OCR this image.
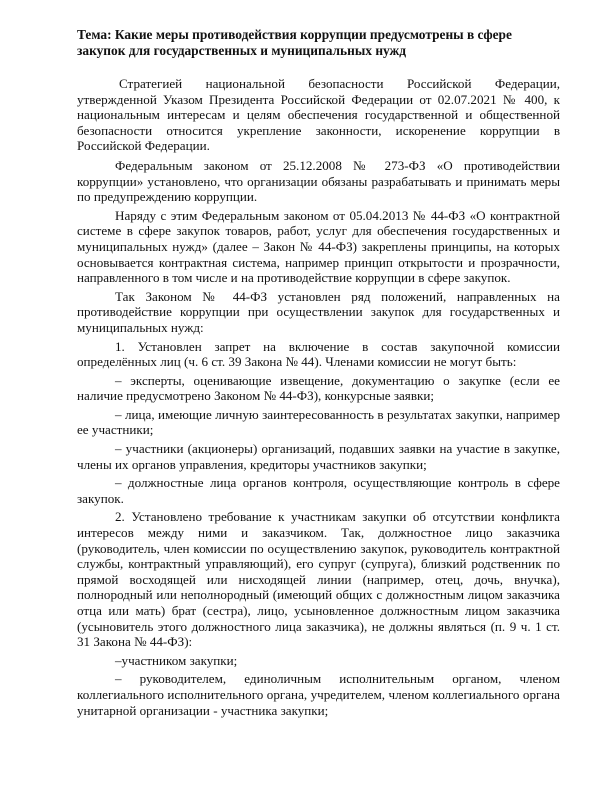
Тема: Какие меры противодействия коррупции предусмотрены в сфере закупок для государственных и муниципальных нужд

Стратегией национальной безопасности Российской Федерации, утвержденной Указом Президента Российской Федерации от 02.07.2021 № 400, к национальным интересам и целям обеспечения государственной и общественной безопасности относится укрепление законности, искоренение коррупции в Российской Федерации.

Федеральным законом от 25.12.2008 № 273-ФЗ «О противодействии коррупции» установлено, что организации обязаны разрабатывать и принимать меры по предупреждению коррупции.

Наряду с этим Федеральным законом от 05.04.2013 № 44-ФЗ «О контрактной системе в сфере закупок товаров, работ, услуг для обеспечения государственных и муниципальных нужд» (далее – Закон № 44-ФЗ) закреплены принципы, на которых основывается контрактная система, например принцип открытости и прозрачности, направленного в том числе и на противодействие коррупции в сфере закупок.

Так Законом № 44-ФЗ установлен ряд положений, направленных на противодействие коррупции при осуществлении закупок для государственных и муниципальных нужд:

1. Установлен запрет на включение в состав закупочной комиссии определённых лиц (ч. 6 ст. 39 Закона № 44). Членами комиссии не могут быть:

– эксперты, оценивающие извещение, документацию о закупке (если ее наличие предусмотрено Законом № 44-ФЗ), конкурсные заявки;

– лица, имеющие личную заинтересованность в результатах закупки, например ее участники;

– участники (акционеры) организаций, подавших заявки на участие в закупке, члены их органов управления, кредиторы участников закупки;

– должностные лица органов контроля, осуществляющие контроль в сфере закупок.

2. Установлено требование к участникам закупки об отсутствии конфликта интересов между ними и заказчиком. Так, должностное лицо заказчика (руководитель, член комиссии по осуществлению закупок, руководитель контрактной службы, контрактный управляющий), его супруг (супруга), близкий родственник по прямой восходящей или нисходящей линии (например, отец, дочь, внучка), полнородный или неполнородный (имеющий общих с должностным лицом заказчика отца или мать) брат (сестра), лицо, усыновленное должностным лицом заказчика (усыновитель этого должностного лица заказчика), не должны являться (п. 9 ч. 1 ст. 31 Закона № 44-ФЗ):

–участником закупки;

– руководителем, единоличным исполнительным органом, членом коллегиального исполнительного органа, учредителем, членом коллегиального органа унитарной организации - участника закупки;
